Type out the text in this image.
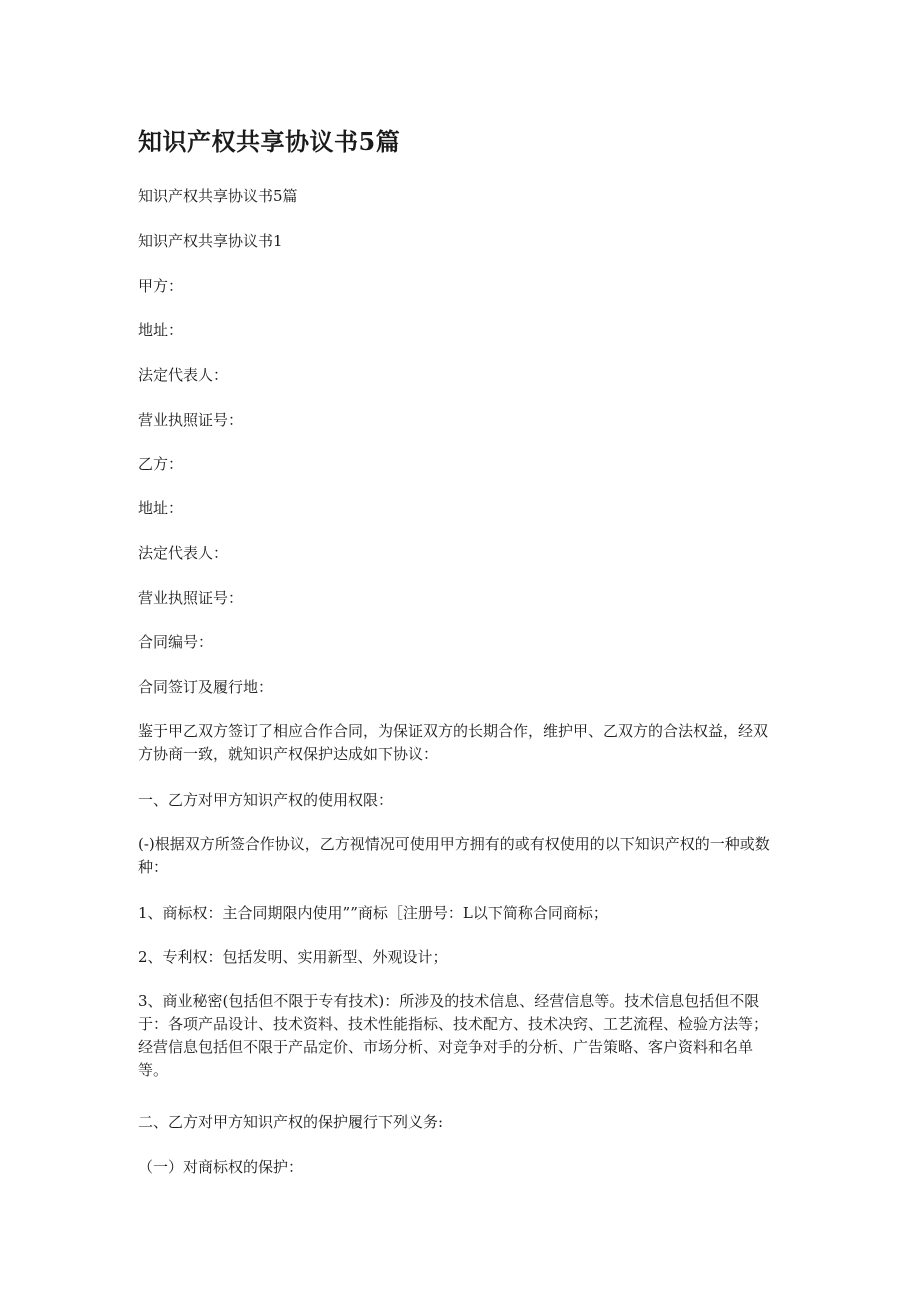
知识产权共享协议书5篇

知识产权共享协议书5篇

知识产权共享协议书1

甲方：

地址：

法定代表人：

营业执照证号：

乙方：

地址：

法定代表人：

营业执照证号：

合同编号：

合同签订及履行地：

鉴于甲乙双方签订了相应合作合同，为保证双方的长期合作，维护甲、乙双方的合法权益，经双方协商一致，就知识产权保护达成如下协议：

一、乙方对甲方知识产权的使用权限：

(-)根据双方所签合作协议，乙方视情况可使用甲方拥有的或有权使用的以下知识产权的一种或数种：

1、商标权：主合同期限内使用””商标［注册号：L以下简称合同商标；

2、专利权：包括发明、实用新型、外观设计；

3、商业秘密(包括但不限于专有技术)：所涉及的技术信息、经营信息等。技术信息包括但不限于：各项产品设计、技术资料、技术性能指标、技术配方、技术决窍、工艺流程、检验方法等；经营信息包括但不限于产品定价、市场分析、对竞争对手的分析、广告策略、客户资料和名单等。

二、乙方对甲方知识产权的保护履行下列义务:

（一）对商标权的保护：
